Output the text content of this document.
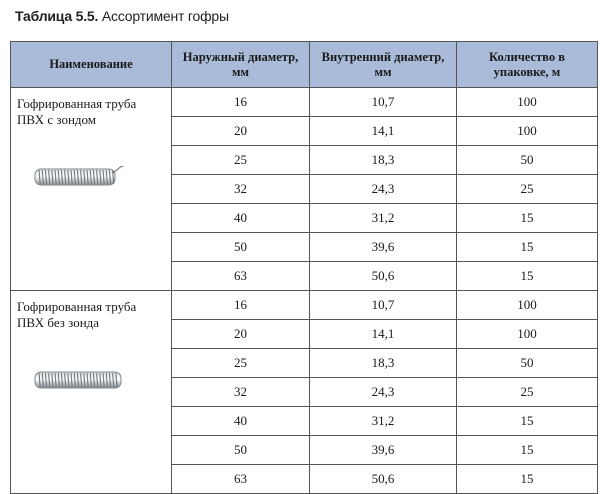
Таблица 5.5. Ассортимент гофры
Наименование	Наружный диаметр, мм	Внутренний диаметр, мм	Количество в упаковке, м

Гофрированная труба ПВХ с зондом	16	10,7	100
	20	14,1	100
	25	18,3	50
	32	24,3	25
	40	31,2	15
	50	39,6	15
	63	50,6	15

Гофрированная труба ПВХ без зонда	16	10,7	100
	20	14,1	100
	25	18,3	50
	32	24,3	25
	40	31,2	15
	50	39,6	15
	63	50,6	15
